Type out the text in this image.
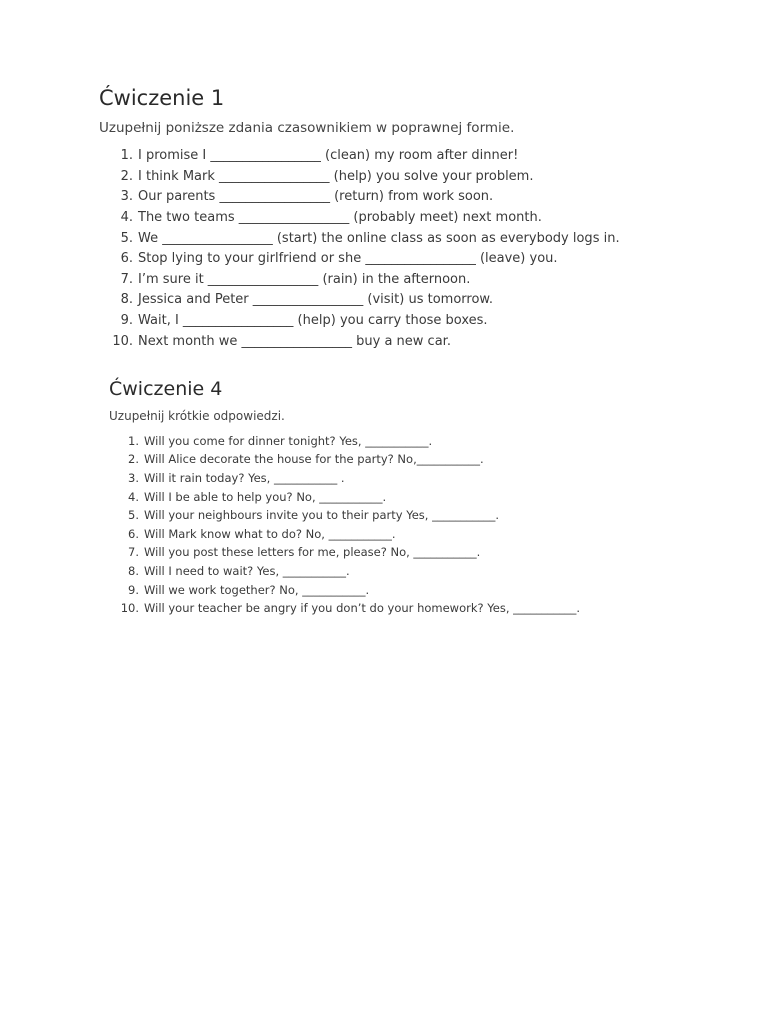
Ćwiczenie 1

Uzupełnij poniższe zdania czasownikiem w poprawnej formie.

1. I promise I _________________ (clean) my room after dinner!
2. I think Mark _________________ (help) you solve your problem.
3. Our parents _________________ (return) from work soon.
4. The two teams _________________ (probably meet) next month.
5. We _________________ (start) the online class as soon as everybody logs in.
6. Stop lying to your girlfriend or she _________________ (leave) you.
7. I’m sure it _________________ (rain) in the afternoon.
8. Jessica and Peter _________________ (visit) us tomorrow.
9. Wait, I _________________ (help) you carry those boxes.
10. Next month we _________________ buy a new car.
Ćwiczenie 4

Uzupełnij krótkie odpowiedzi.

1. Will you come for dinner tonight? Yes, ___________.
2. Will Alice decorate the house for the party? No,___________.
3. Will it rain today? Yes, ___________ .
4. Will I be able to help you? No, ___________.
5. Will your neighbours invite you to their party Yes, ___________.
6. Will Mark know what to do? No, ___________.
7. Will you post these letters for me, please? No, ___________.
8. Will I need to wait? Yes, ___________.
9. Will we work together? No, ___________.
10. Will your teacher be angry if you don’t do your homework? Yes, ___________.
